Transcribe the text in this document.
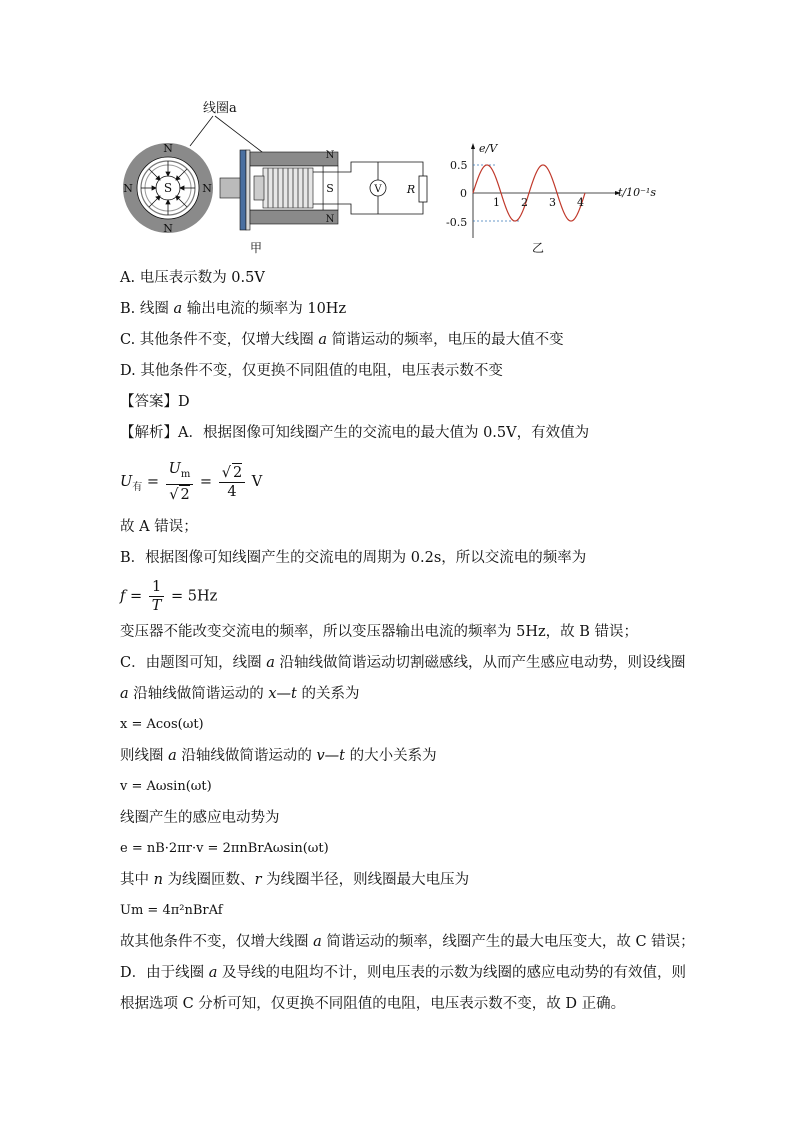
线圈a
S
N
N
N	N
N
N
S	V R
甲
e/V
t/10⁻¹s
0.5
0
-0.5
1 2 3 4
乙
A. 电压表示数为 0.5V
B. 线圈 a 输出电流的频率为 10Hz
C. 其他条件不变，仅增大线圈 a 简谐运动的频率，电压的最大值不变
D. 其他条件不变，仅更换不同阻值的电阻，电压表示数不变
【答案】D
【解析】A．根据图像可知线圈产生的交流电的最大值为 0.5V，有效值为
$U_有 = \frac{U_m}{√ 2} = \frac{√ 2}{4}$ V
故 A 错误；
B．根据图像可知线圈产生的交流电的周期为 0.2s，所以交流电的频率为
$f = \frac{1}{T} = 5Hz$
变压器不能改变交流电的频率，所以变压器输出电流的频率为 5Hz，故 B 错误；
C．由题图可知，线圈 a 沿轴线做简谐运动切割磁感线，从而产生感应电动势，则设线圈
a 沿轴线做简谐运动的 x—t 的关系为
x = Acos(ωt)
则线圈 a 沿轴线做简谐运动的 v—t 的大小关系为
v = Aωsin(ωt)
线圈产生的感应电动势为
e = nB·2πr·v = 2πnBrAωsin(ωt)
其中 n 为线圈匝数、r 为线圈半径，则线圈最大电压为
Um = 4π²nBrAf
故其他条件不变，仅增大线圈 a 简谐运动的频率，线圈产生的最大电压变大，故 C 错误；
D．由于线圈 a 及导线的电阻均不计，则电压表的示数为线圈的感应电动势的有效值，则
根据选项 C 分析可知，仅更换不同阻值的电阻，电压表示数不变，故 D 正确。
